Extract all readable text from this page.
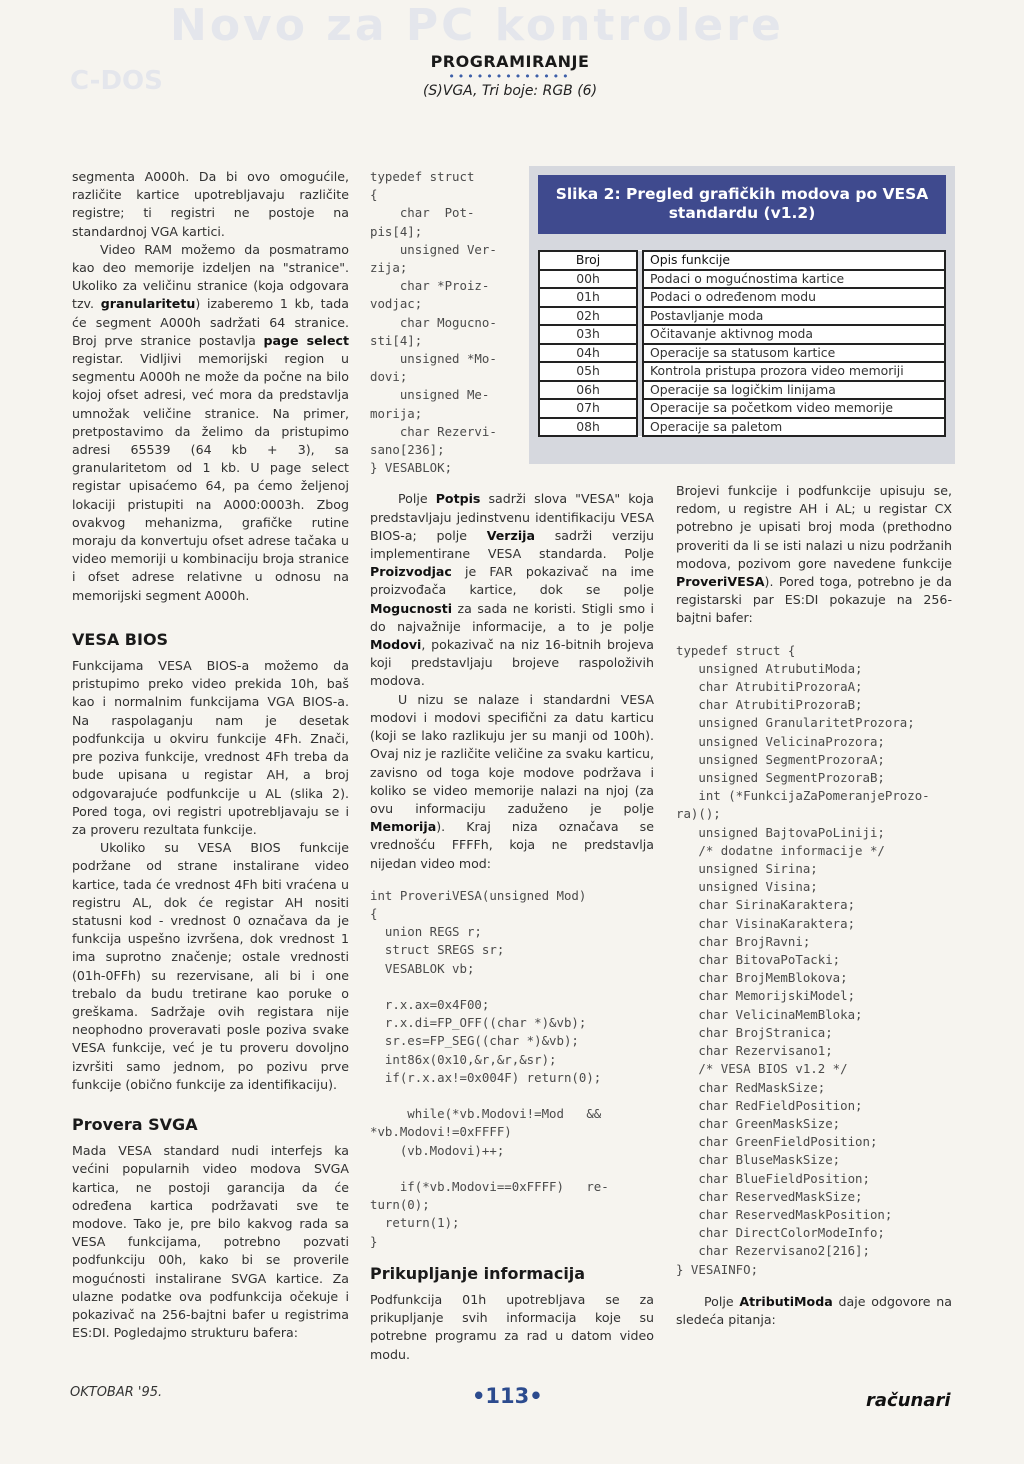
Novo za PC kontrolere
C-DOS
PROGRAMIRANJE
•••••••••••••
(S)VGA, Tri boje: RGB (6)

segmenta A000h. Da bi ovo omogućile, različite kartice upotrebljavaju različite registre; ti registri ne postoje na standardnoj VGA kartici.

Video RAM možemo da posmatramo kao deo memorije izdeljen na "stranice". Ukoliko za veličinu stranice (koja odgovara tzv. granularitetu) izaberemo 1 kb, tada će segment A000h sadržati 64 stranice. Broj prve stranice postavlja page select registar. Vidljivi memorijski region u segmentu A000h ne može da počne na bilo kojoj ofset adresi, već mora da predstavlja umnožak veličine stranice. Na primer, pretpostavimo da želimo da pristupimo adresi 65539 (64 kb + 3), sa granularitetom od 1 kb. U page select registar upisaćemo 64, pa ćemo željenoj lokaciji pristupiti na A000:0003h. Zbog ovakvog mehanizma, grafičke rutine moraju da konvertuju ofset adrese tačaka u video memoriji u kombinaciju broja stranice i ofset adrese relativne u odnosu na memorijski segment A000h.

VESA BIOS

Funkcijama VESA BIOS-a možemo da pristupimo preko video prekida 10h, baš kao i normalnim funkcijama VGA BIOS-a. Na raspolaganju nam je desetak podfunkcija u okviru funkcije 4Fh. Znači, pre poziva funkcije, vrednost 4Fh treba da bude upisana u registar AH, a broj odgovarajuće podfunkcije u AL (slika 2). Pored toga, ovi registri upotrebljavaju se i za proveru rezultata funkcije.

Ukoliko su VESA BIOS funkcije podržane od strane instalirane video kartice, tada će vrednost 4Fh biti vraćena u registru AL, dok će registar AH nositi statusni kod - vrednost 0 označava da je funkcija uspešno izvršena, dok vrednost 1 ima suprotno značenje; ostale vrednosti (01h-0FFh) su rezervisane, ali bi i one trebalo da budu tretirane kao poruke o greškama. Sadržaje ovih registara nije neophodno proveravati posle poziva svake VESA funkcije, već je tu proveru dovoljno izvršiti samo jednom, po pozivu prve funkcije (obično funkcije za identifikaciju).

Provera SVGA

Mada VESA standard nudi interfejs ka većini popularnih video modova SVGA kartica, ne postoji garancija da će određena kartica podržavati sve te modove. Tako je, pre bilo kakvog rada sa VESA funkcijama, potrebno pozvati podfunkciju 00h, kako bi se proverile mogućnosti instalirane SVGA kartice. Za ulazne podatke ova podfunkcija očekuje i pokazivač na 256-bajtni bafer u registrima ES:DI. Pogledajmo strukturu bafera:

typedef struct
{
char  Pot-
pis[4];
unsigned Ver-
zija;
char *Proiz-
vodjac;
char Mogucno-
sti[4];
unsigned *Mo-
dovi;
unsigned Me-
morija;
char Rezervi-
sano[236];
} VESABLOK;

Polje Potpis sadrži slova "VESA" koja predstavljaju jedinstvenu identifikaciju VESA BIOS-a; polje Verzija sadrži verziju implementirane VESA standarda. Polje Proizvodjac je FAR pokazivač na ime proizvođača kartice, dok se polje Mogucnosti za sada ne koristi. Stigli smo i do najvažnije informacije, a to je polje Modovi, pokazivač na niz 16-bitnih brojeva koji predstavljaju brojeve raspoloživih modova.

U nizu se nalaze i standardni VESA modovi i modovi specifični za datu karticu (koji se lako razlikuju jer su manji od 100h). Ovaj niz je različite veličine za svaku karticu, zavisno od toga koje modove podržava i koliko se video memorije nalazi na njoj (za ovu informaciju zaduženo je polje Memorija). Kraj niza označava se vrednošću FFFFh, koja ne predstavlja nijedan video mod:

int ProveriVESA(unsigned Mod)
{
union REGS r;
struct SREGS sr;
VESABLOK vb;

r.x.ax=0x4F00;
r.x.di=FP_OFF((char *)&vb);
sr.es=FP_SEG((char *)&vb);
int86x(0x10,&r,&r,&sr);
if(r.x.ax!=0x004F) return(0);

while(*vb.Modovi!=Mod   &&
*vb.Modovi!=0xFFFF)
(vb.Modovi)++;

if(*vb.Modovi==0xFFFF)   re-
turn(0);
return(1);
}
Prikupljanje informacija

Podfunkcija 01h upotrebljava se za prikupljanje svih informacija koje su potrebne programu za rad u datom video modu.

Slika 2: Pregled grafičkih modova po VESA standardu (v1.2)
Broj		Opis funkcije
00h		Podaci o mogućnostima kartice
01h		Podaci o određenom modu
02h		Postavljanje moda
03h		Očitavanje aktivnog moda
04h		Operacije sa statusom kartice
05h		Kontrola pristupa prozora video memoriji
06h		Operacije sa logičkim linijama
07h		Operacije sa početkom video memorije
08h		Operacije sa paletom

Brojevi funkcije i podfunkcije upisuju se, redom, u registre AH i AL; u registar CX potrebno je upisati broj moda (prethodno proveriti da li se isti nalazi u nizu podržanih modova, pozivom gore navedene funkcije ProveriVESA). Pored toga, potrebno je da registarski par ES:DI pokazuje na 256-bajtni bafer:

typedef struct {
unsigned AtrubutiModa;
char AtrubitiProzoraA;
char AtrubitiProzoraB;
unsigned GranularitetProzora;
unsigned VelicinaProzora;
unsigned SegmentProzoraA;
unsigned SegmentProzoraB;
int (*FunkcijaZaPomeranjeProzo-
ra)();
unsigned BajtovaPoLiniji;
/* dodatne informacije */
unsigned Sirina;
unsigned Visina;
char SirinaKaraktera;
char VisinaKaraktera;
char BrojRavni;
char BitovaPoTacki;
char BrojMemBlokova;
char MemorijskiModel;
char VelicinaMemBloka;
char BrojStranica;
char Rezervisano1;
/* VESA BIOS v1.2 */
char RedMaskSize;
char RedFieldPosition;
char GreenMaskSize;
char GreenFieldPosition;
char BluseMaskSize;
char BlueFieldPosition;
char ReservedMaskSize;
char ReservedMaskPosition;
char DirectColorModeInfo;
char Rezervisano2[216];
} VESAINFO;

Polje AtributiModa daje odgovore na sledeća pitanja:

OKTOBAR '95.	•113•	računari
